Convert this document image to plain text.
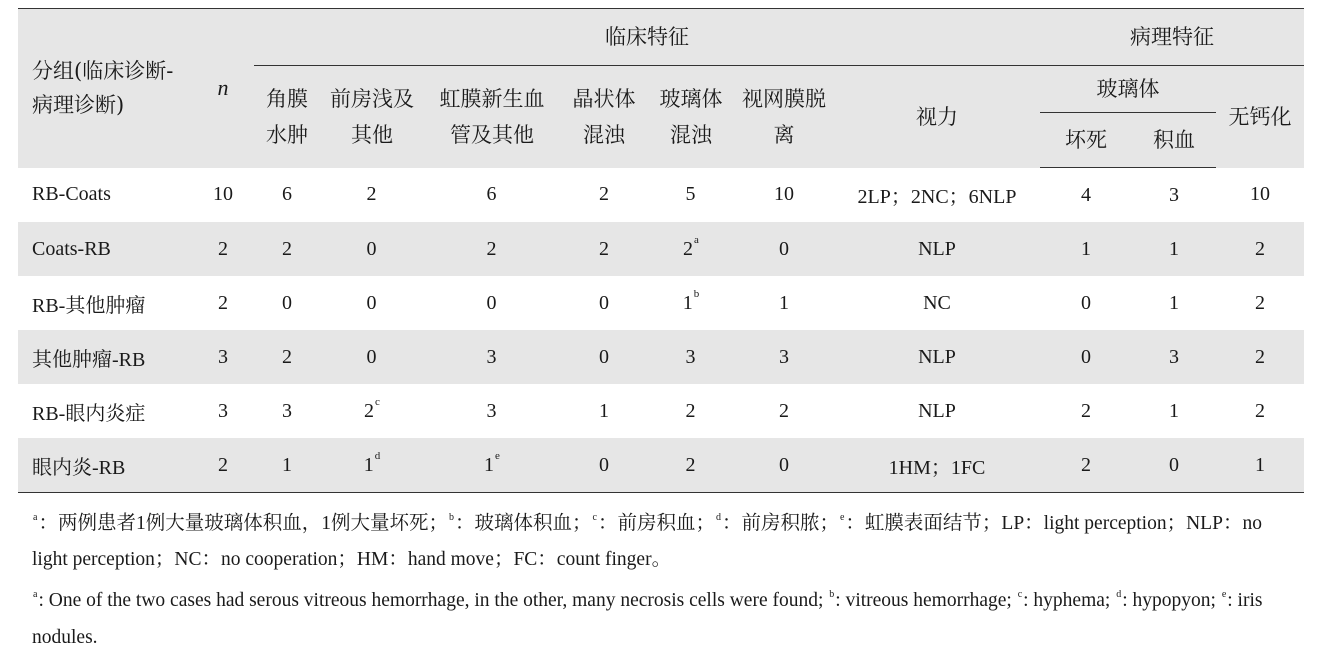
分组(临床诊断-病理诊断)	n	临床特征							病理特征		
		角膜水肿	前房浅及其他	虹膜新生血管及其他	晶状体混浊	玻璃体混浊	视网膜脱离	视力	玻璃体		无钙化
									坏死	积血	
RB-Coats	10	6	2	6	2	5	10	2LP；2NC；6NLP	4	3	10
Coats-RB	2	2	0	2	2	2$^a$	0	NLP	1	1	2
RB-其他肿瘤	2	0	0	0	0	1$^b$	1	NC	0	1	2
其他肿瘤-RB	3	2	0	3	0	3	3	NLP	0	3	2
RB-眼内炎症	3	3	2$^c$	3	1	2	2	NLP	2	1	2
眼内炎-RB	2	1	1$^d$	1e	0	2	0	1HM；1FC	2	0	1
$^a$：两例患者1例大量玻璃体积血，1例大量坏死；$^b$：玻璃体积血；$^c$：前房积血；$^d$：前房积脓；$^e$：虹膜表面结节；LP：light perception；NLP：no light perception；NC：no cooperation；HM：hand move；FC：count finger。
$^a$: One of the two cases had serous vitreous hemorrhage, in the other, many necrosis cells were found; $^b$: vitreous hemorrhage; $^c$: hyphema; $^d$: hypopyon; $^e$: iris nodules.
